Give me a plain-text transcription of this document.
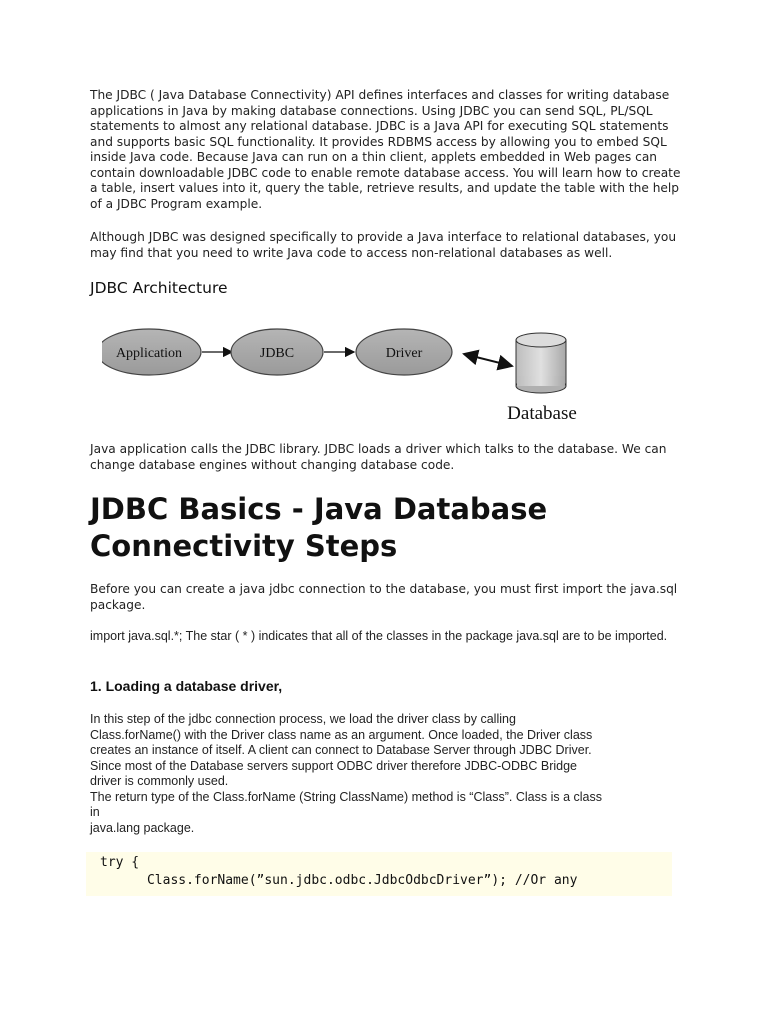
The JDBC ( Java Database Connectivity) API defines interfaces and classes for writing database applications in Java by making database connections. Using JDBC you can send SQL, PL/SQL statements to almost any relational database. JDBC is a Java API for executing SQL statements and supports basic SQL functionality. It provides RDBMS access by allowing you to embed SQL inside Java code. Because Java can run on a thin client, applets embedded in Web pages can contain downloadable JDBC code to enable remote database access. You will learn how to create a table, insert values into it, query the table, retrieve results, and update the table with the help of a JDBC Program example.

Although JDBC was designed specifically to provide a Java interface to relational databases, you may find that you need to write Java code to access non-relational databases as well.

JDBC Architecture
Application	JDBC	Driver
Database

Java application calls the JDBC library. JDBC loads a driver which talks to the database. We can change database engines without changing database code.

JDBC Basics - Java Database Connectivity Steps

Before you can create a java jdbc connection to the database, you must first import the java.sql package.

import java.sql.*; The star ( * ) indicates that all of the classes in the package java.sql are to be imported.

1. Loading a database driver,
In this step of the jdbc connection process, we load the driver class by calling
Class.forName() with the Driver class name as an argument. Once loaded, the Driver class
creates an instance of itself. A client can connect to Database Server through JDBC Driver.
Since most of the Database servers support ODBC driver therefore JDBC-ODBC Bridge
driver is commonly used.
The return type of the Class.forName (String ClassName) method is “Class”. Class is a class
in
java.lang package.
try {
Class.forName(”sun.jdbc.odbc.JdbcOdbcDriver”); //Or any
